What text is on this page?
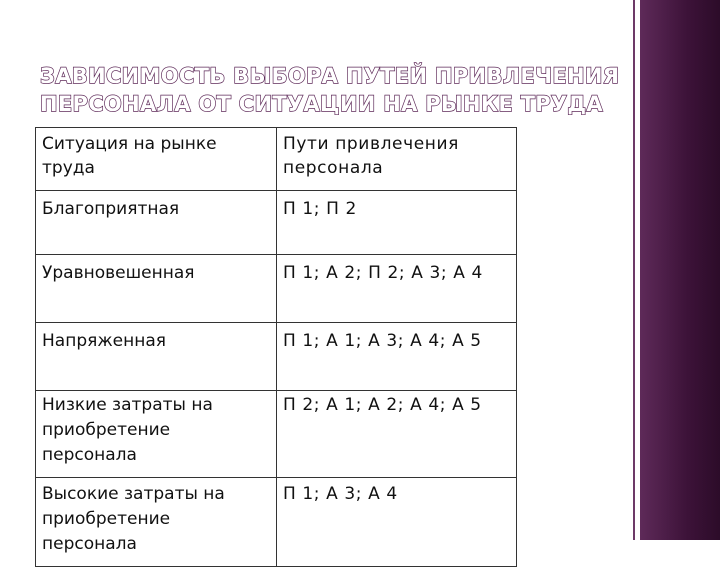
ЗАВИСИМОСТЬ ВЫБОРА ПУТЕЙ ПРИВЛЕЧЕНИЯ
ПЕРСОНАЛА ОТ СИТУАЦИИ НА РЫНКЕ ТРУДА
Ситуация на рынке труда	Пути привлечения персонала
Благоприятная	П 1; П 2
Уравновешенная	П 1; А 2; П 2; А 3; А 4
Напряженная	П 1; А 1; А 3; А 4; А 5
Низкие затраты на приобретение персонала	П 2; А 1; А 2; А 4; А 5
Высокие затраты на приобретение персонала	П 1; А 3; А 4
